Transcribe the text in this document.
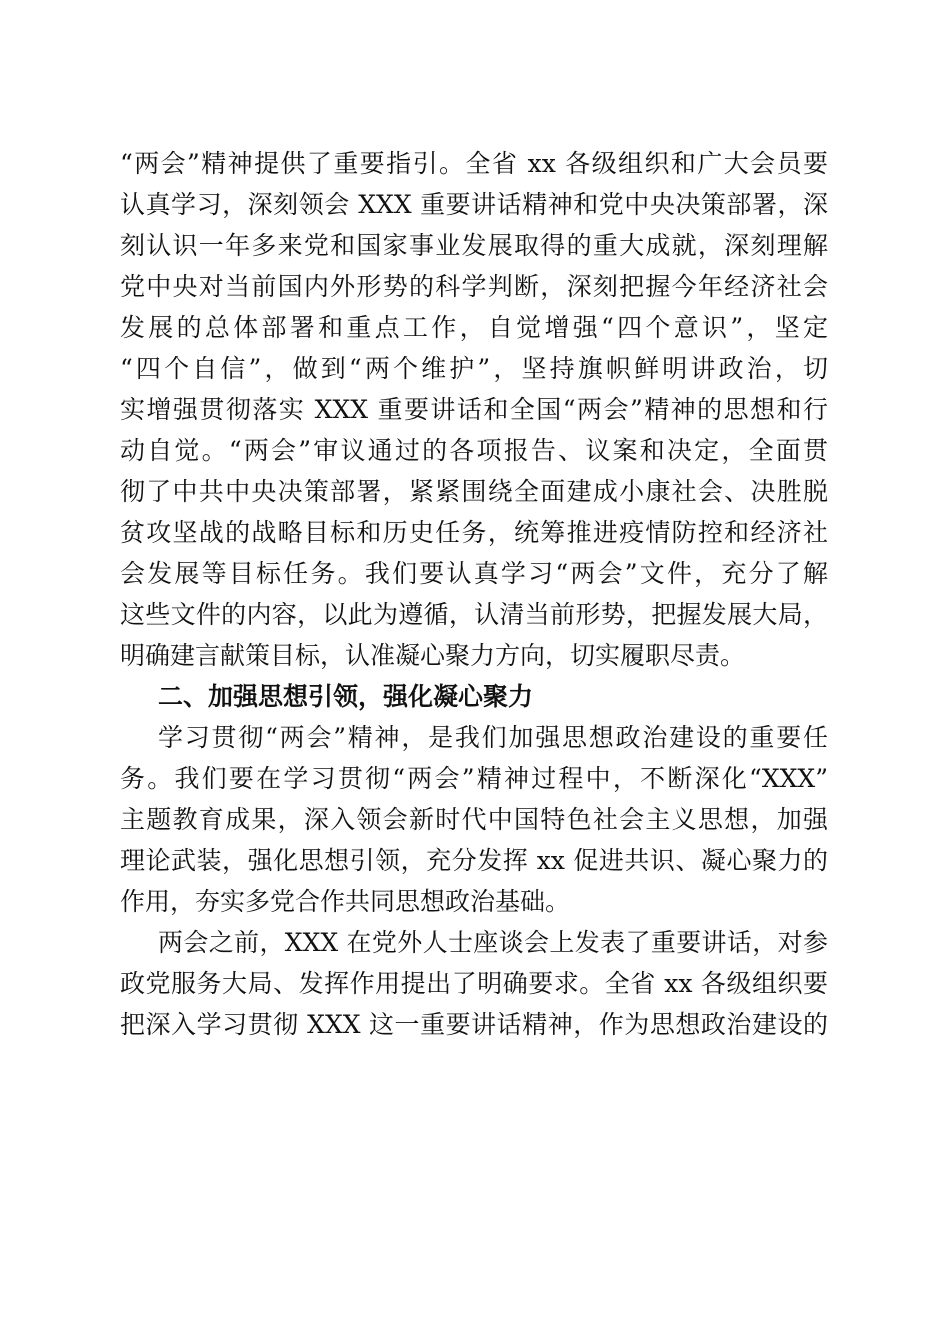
“两会”精神提供了重要指引。全省 xx 各级组织和广大会员要
认真学习，深刻领会 XXX 重要讲话精神和党中央决策部署，深
刻认识一年多来党和国家事业发展取得的重大成就，深刻理解
党中央对当前国内外形势的科学判断，深刻把握今年经济社会
发展的总体部署和重点工作，自觉增强“四个意识”，坚定
“四个自信”，做到“两个维护”，坚持旗帜鲜明讲政治，切
实增强贯彻落实 XXX 重要讲话和全国“两会”精神的思想和行
动自觉。“两会”审议通过的各项报告、议案和决定，全面贯
彻了中共中央决策部署，紧紧围绕全面建成小康社会、决胜脱
贫攻坚战的战略目标和历史任务，统筹推进疫情防控和经济社
会发展等目标任务。我们要认真学习“两会”文件，充分了解
这些文件的内容，以此为遵循，认清当前形势，把握发展大局，
明确建言献策目标，认准凝心聚力方向，切实履职尽责。
二、加强思想引领，强化凝心聚力
学习贯彻“两会”精神，是我们加强思想政治建设的重要任
务。我们要在学习贯彻“两会”精神过程中，不断深化“XXX”
主题教育成果，深入领会新时代中国特色社会主义思想，加强
理论武装，强化思想引领，充分发挥 xx 促进共识、凝心聚力的
作用，夯实多党合作共同思想政治基础。
两会之前，XXX 在党外人士座谈会上发表了重要讲话，对参
政党服务大局、发挥作用提出了明确要求。全省 xx 各级组织要
把深入学习贯彻 XXX 这一重要讲话精神，作为思想政治建设的
